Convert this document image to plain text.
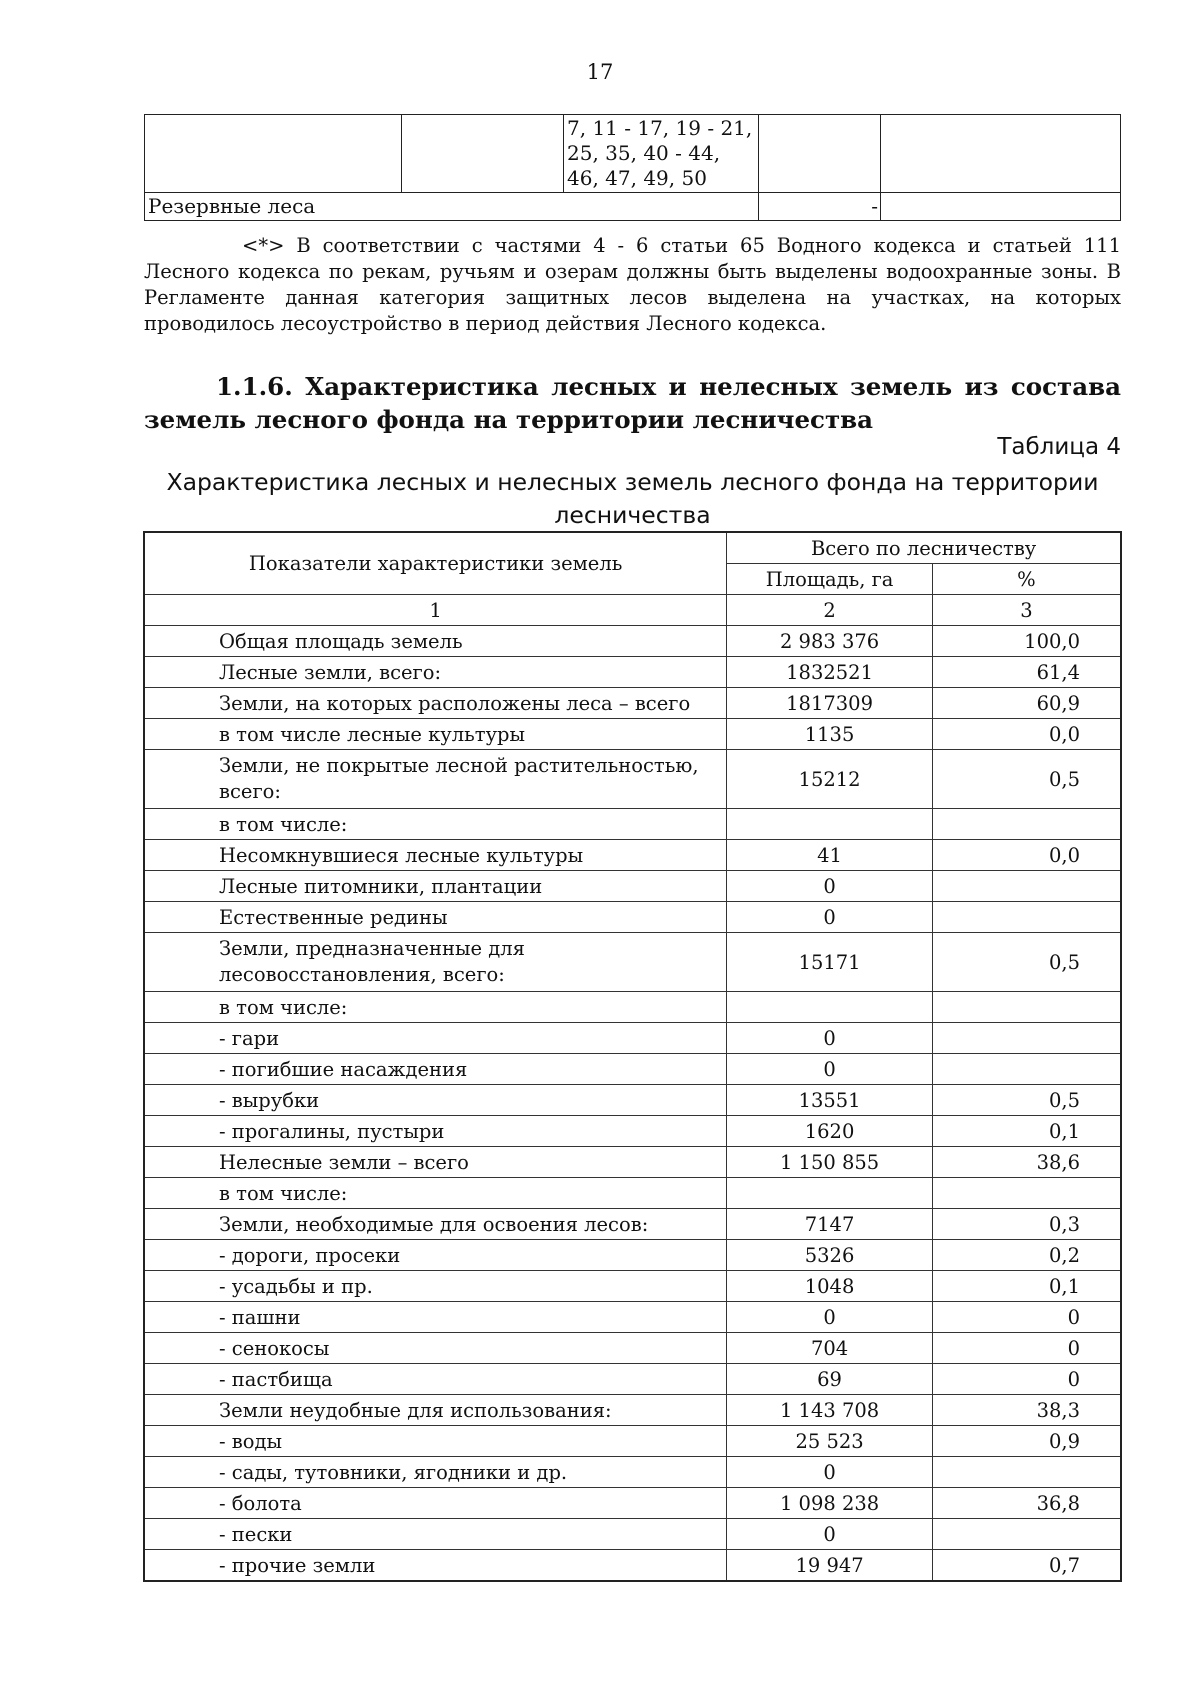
17
		7, 11 - 17, 19 - 21, 25, 35, 40 - 44, 46, 47, 49, 50		
Резервные леса			-	

<*> В соответствии с частями 4 - 6 статьи 65 Водного кодекса и статьей 111 Лесного кодекса по рекам, ручьям и озерам должны быть выделены водоохранные зоны. В Регламенте данная категория защитных лесов выделена на участках, на которых проводилось лесоустройство в период действия Лесного кодекса.

1.1.6. Характеристика лесных и нелесных земель из состава земель лесного фонда на территории лесничества

Таблица 4
Характеристика лесных и нелесных земель лесного фонда на территории лесничества
Показатели характеристики земель	Всего по лесничеству	
	Площадь, га	%
1	2	3
Общая площадь земель	2 983 376	100,0
Лесные земли, всего:	1832521	61,4
Земли, на которых расположены леса – всего	1817309	60,9
в том числе лесные культуры	1135	0,0
Земли, не покрытые лесной растительностью, всего:	15212	0,5
в том числе:		
Несомкнувшиеся лесные культуры	41	0,0
Лесные питомники, плантации	0	
Естественные редины	0	
Земли, предназначенные для лесовосстановления, всего:	15171	0,5
в том числе:		
- гари	0	
- погибшие насаждения	0	
- вырубки	13551	0,5
- прогалины, пустыри	1620	0,1
Нелесные земли – всего	1 150 855	38,6
в том числе:		
Земли, необходимые для освоения лесов:	7147	0,3
- дороги, просеки	5326	0,2
- усадьбы и пр.	1048	0,1
- пашни	0	0
- сенокосы	704	0
- пастбища	69	0
Земли неудобные для использования:	1 143 708	38,3
- воды	25 523	0,9
- сады, тутовники, ягодники и др.	0	
- болота	1 098 238	36,8
- пески	0	
- прочие земли	19 947	0,7
